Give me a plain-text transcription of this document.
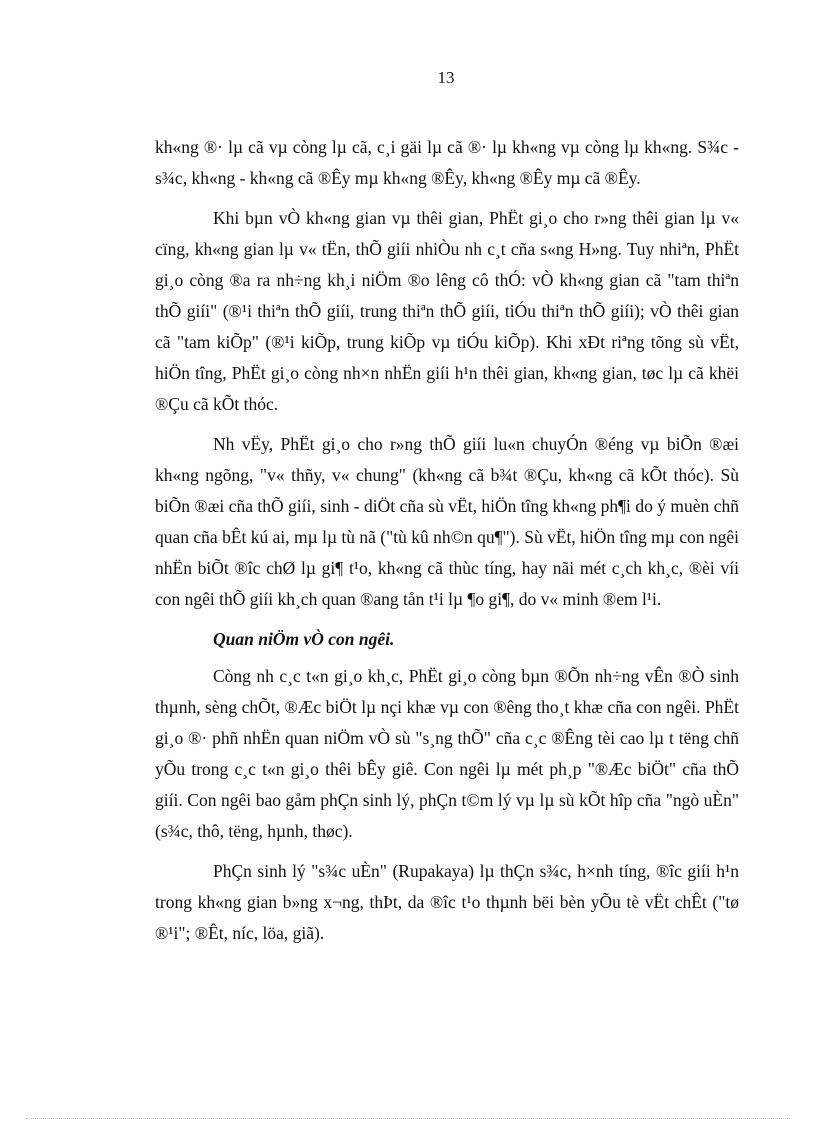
13

kh«ng ®· lµ cã vµ còng lµ cã, c¸i gäi lµ cã ®· lµ kh«ng vµ còng lµ kh«ng. S¾c - s¾c, kh«ng - kh«ng cã ®Êy mµ kh«ng ®Êy, kh«ng ®Êy mµ cã ®Êy.

Khi bµn vÒ kh«ng gian vµ thêi gian, PhËt gi¸o cho r»ng thêi gian lµ v« cïng, kh«ng gian lµ v« tËn, thÕ giíi nhiÒu nh c¸t cña s«ng H»ng. Tuy nhiªn, PhËt gi¸o còng ®a ra nh÷ng kh¸i niÖm ®o lêng cô thÓ: vÒ kh«ng gian cã "tam thiªn thÕ giíi" (®¹i thiªn thÕ giíi, trung thiªn thÕ giíi, tiÓu thiªn thÕ giíi); vÒ thêi gian cã "tam kiÕp" (®¹i kiÕp, trung kiÕp vµ tiÓu kiÕp). Khi xÐt riªng tõng sù vËt, hiÖn tîng, PhËt gi¸o còng nh×n nhËn giíi h¹n thêi gian, kh«ng gian, tøc lµ cã khëi ®Çu cã kÕt thóc.

Nh vËy, PhËt gi¸o cho r»ng thÕ giíi lu«n chuyÓn ®éng vµ biÕn ®æi kh«ng ngõng, "v« thñy, v« chung" (kh«ng cã b¾t ®Çu, kh«ng cã kÕt thóc). Sù biÕn ®æi cña thÕ giíi, sinh - diÖt cña sù vËt, hiÖn tîng kh«ng ph¶i do ý muèn chñ quan cña bÊt kú ai, mµ lµ tù nã ("tù kû nh©n qu¶"). Sù vËt, hiÖn tîng mµ con ngêi nhËn biÕt ®îc chØ lµ gi¶ t¹o, kh«ng cã thùc tíng, hay nãi mét c¸ch kh¸c, ®èi víi con ngêi thÕ giíi kh¸ch quan ®ang tån t¹i lµ ¶o gi¶, do v« minh ®em l¹i.

Quan niÖm vÒ con ngêi.

Còng nh c¸c t«n gi¸o kh¸c, PhËt gi¸o còng bµn ®Õn nh÷ng vÊn ®Ò sinh thµnh, sèng chÕt, ®Æc biÖt lµ nçi khæ vµ con ®êng tho¸t khæ cña con ngêi. PhËt gi¸o ®· phñ nhËn quan niÖm vÒ sù "s¸ng thÕ" cña c¸c ®Êng tèi cao lµ t tëng chñ yÕu trong c¸c t«n gi¸o thêi bÊy giê. Con ngêi lµ mét ph¸p "®Æc biÖt" cña thÕ giíi. Con ngêi bao gåm phÇn sinh lý, phÇn t©m lý vµ lµ sù kÕt hîp cña "ngò uÈn" (s¾c, thô, tëng, hµnh, thøc).

PhÇn sinh lý "s¾c uÈn" (Rupakaya) lµ thÇn s¾c, h×nh tíng, ®îc giíi h¹n trong kh«ng gian b»ng x¬ng, thÞt, da ®îc t¹o thµnh bëi bèn yÕu tè vËt chÊt ("tø ®¹i"; ®Êt, níc, löa, giã).
